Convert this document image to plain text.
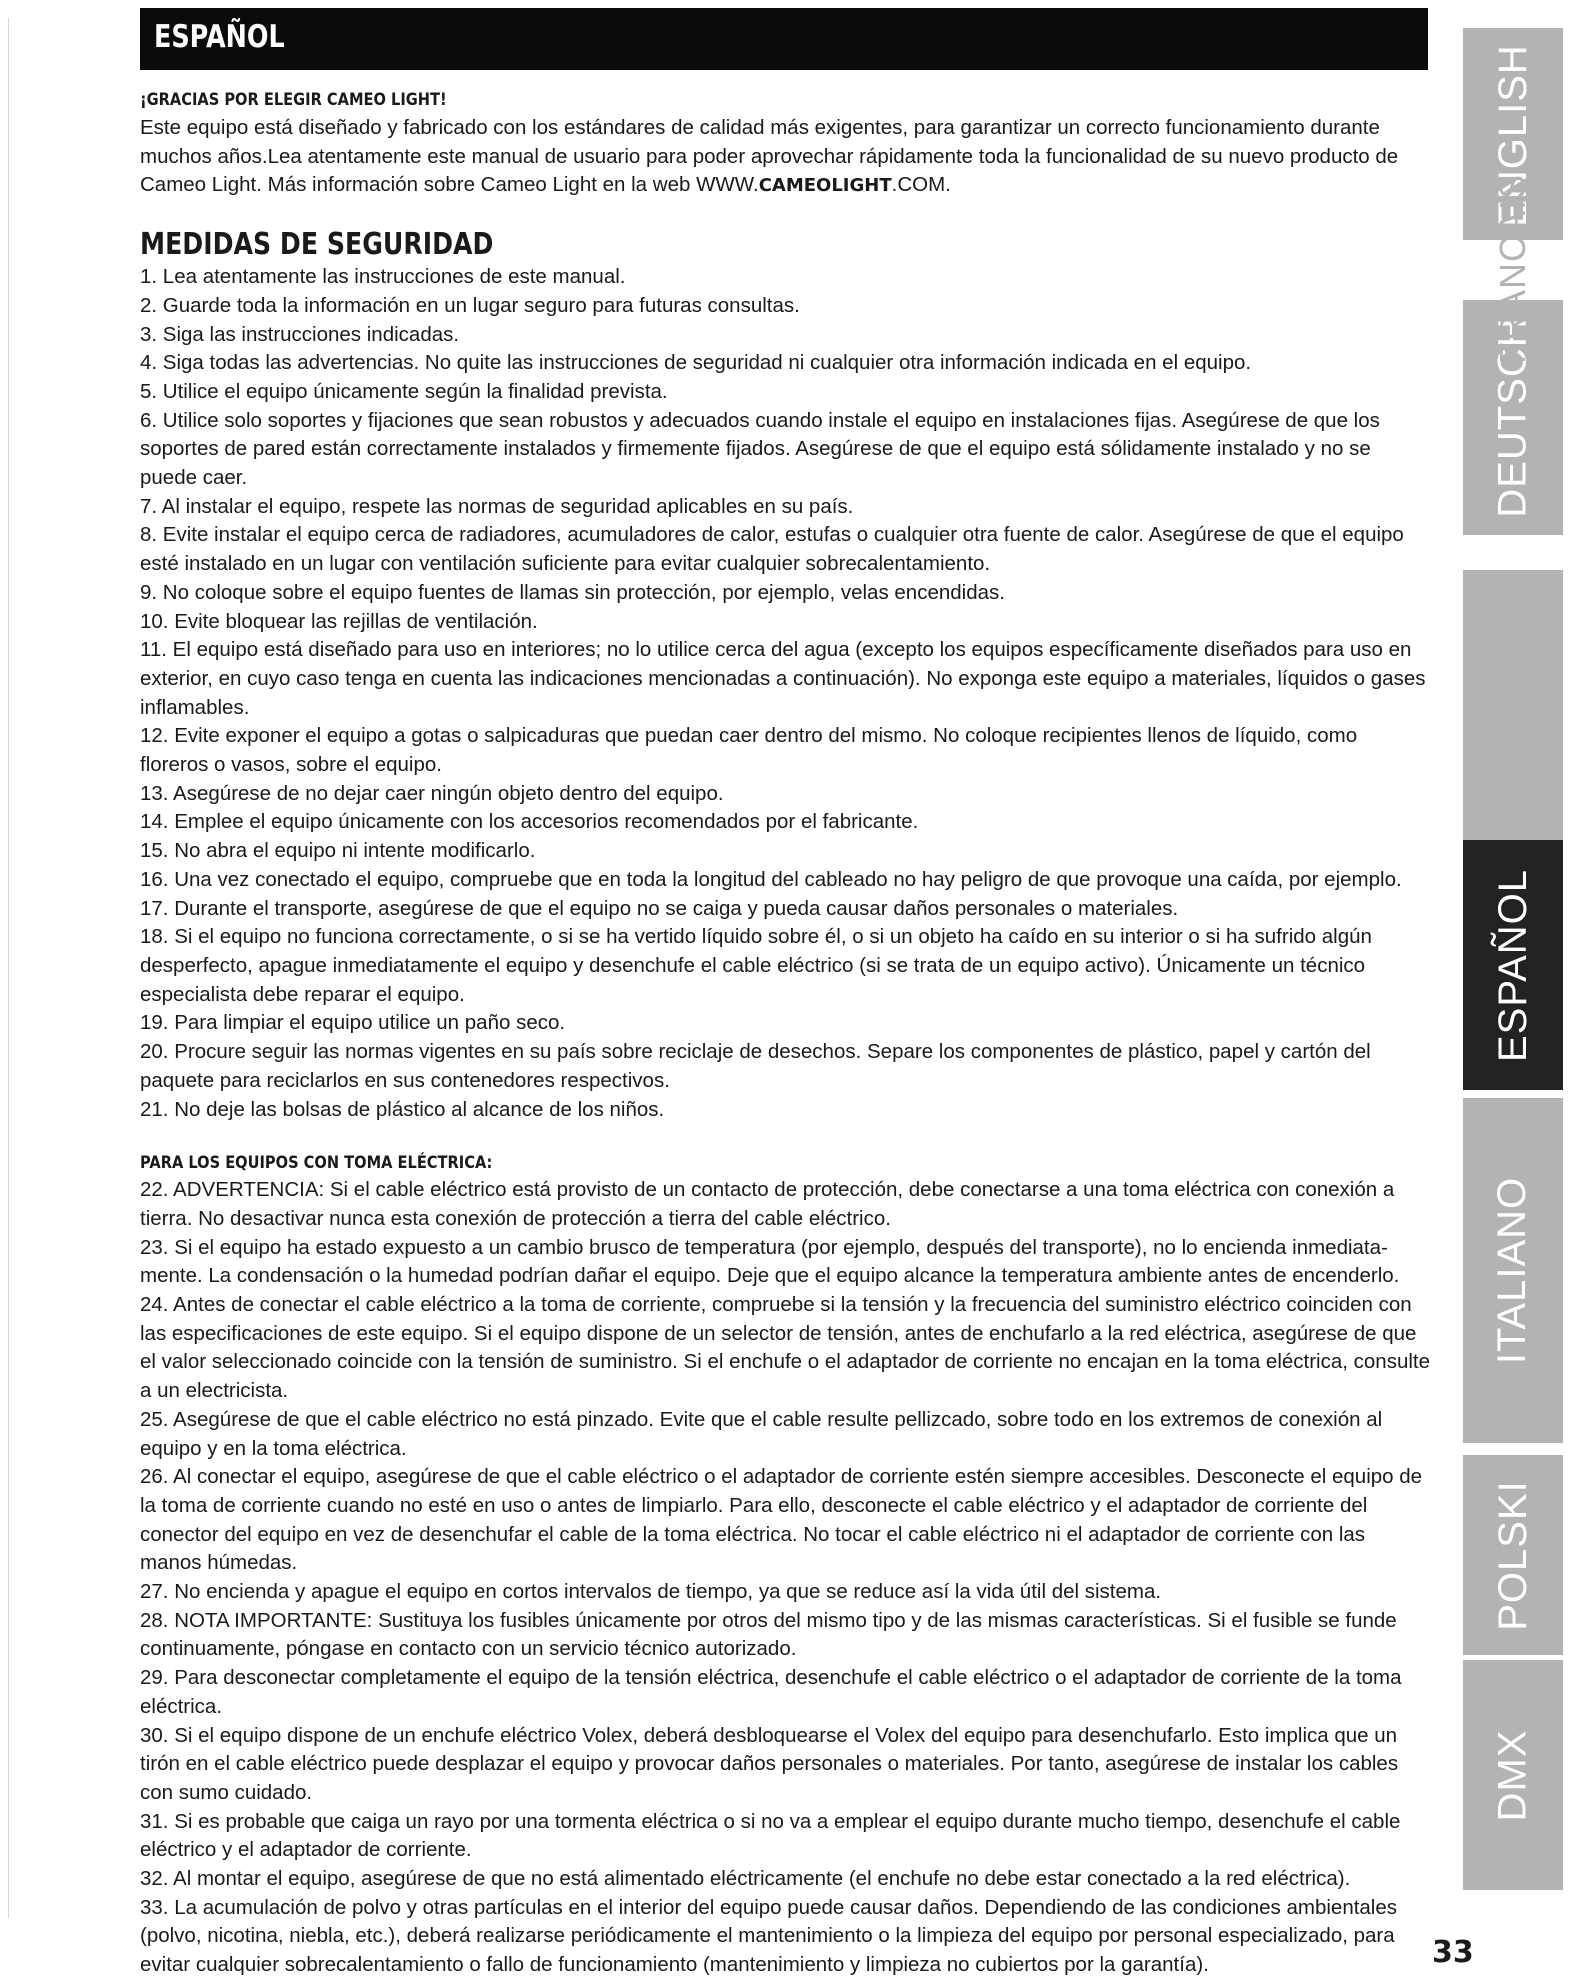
ESPAÑOL

¡GRACIAS POR ELEGIR CAMEO LIGHT!

Este equipo está diseñado y fabricado con los estándares de calidad más exigentes, para garantizar un correcto funcionamiento durante muchos años.Lea atentamente este manual de usuario para poder aprovechar rápidamente toda la funcionalidad de su nuevo producto de Cameo Light. Más información sobre Cameo Light en la web WWW.CAMEOLIGHT.COM.

MEDIDAS DE SEGURIDAD

1. Lea atentamente las instrucciones de este manual.

2. Guarde toda la información en un lugar seguro para futuras consultas.

3. Siga las instrucciones indicadas.

4. Siga todas las advertencias. No quite las instrucciones de seguridad ni cualquier otra información indicada en el equipo.

5. Utilice el equipo únicamente según la finalidad prevista.

6. Utilice solo soportes y fijaciones que sean robustos y adecuados cuando instale el equipo en instalaciones fijas. Asegúrese de que los soportes de pared están correctamente instalados y firmemente fijados. Asegúrese de que el equipo está sólidamente instalado y no se puede caer.

7. Al instalar el equipo, respete las normas de seguridad aplicables en su país.

8. Evite instalar el equipo cerca de radiadores, acumuladores de calor, estufas o cualquier otra fuente de calor. Asegúrese de que el equipo esté instalado en un lugar con ventilación suficiente para evitar cualquier sobrecalentamiento.

9. No coloque sobre el equipo fuentes de llamas sin protección, por ejemplo, velas encendidas.

10. Evite bloquear las rejillas de ventilación.

11. El equipo está diseñado para uso en interiores; no lo utilice cerca del agua (excepto los equipos específicamente diseñados para uso en exterior, en cuyo caso tenga en cuenta las indicaciones mencionadas a continuación). No exponga este equipo a materiales, líquidos o gases inflamables.

12. Evite exponer el equipo a gotas o salpicaduras que puedan caer dentro del mismo. No coloque recipientes llenos de líquido, como floreros o vasos, sobre el equipo.

13. Asegúrese de no dejar caer ningún objeto dentro del equipo.

14. Emplee el equipo únicamente con los accesorios recomendados por el fabricante.

15. No abra el equipo ni intente modificarlo.

16. Una vez conectado el equipo, compruebe que en toda la longitud del cableado no hay peligro de que provoque una caída, por ejemplo.

17. Durante el transporte, asegúrese de que el equipo no se caiga y pueda causar daños personales o materiales.

18. Si el equipo no funciona correctamente, o si se ha vertido líquido sobre él, o si un objeto ha caído en su interior o si ha sufrido algún desperfecto, apague inmediatamente el equipo y desenchufe el cable eléctrico (si se trata de un equipo activo). Únicamente un técnico especialista debe reparar el equipo.

19. Para limpiar el equipo utilice un paño seco.

20. Procure seguir las normas vigentes en su país sobre reciclaje de desechos. Separe los componentes de plástico, papel y cartón del paquete para reciclarlos en sus contenedores respectivos.

21. No deje las bolsas de plástico al alcance de los niños.

PARA LOS EQUIPOS CON TOMA ELÉCTRICA:

22. ADVERTENCIA: Si el cable eléctrico está provisto de un contacto de protección, debe conectarse a una toma eléctrica con conexión a tierra. No desactivar nunca esta conexión de protección a tierra del cable eléctrico.

23. Si el equipo ha estado expuesto a un cambio brusco de temperatura (por ejemplo, después del transporte), no lo encienda inmediata-mente. La condensación o la humedad podrían dañar el equipo. Deje que el equipo alcance la temperatura ambiente antes de encenderlo.

24. Antes de conectar el cable eléctrico a la toma de corriente, compruebe si la tensión y la frecuencia del suministro eléctrico coinciden con las especificaciones de este equipo. Si el equipo dispone de un selector de tensión, antes de enchufarlo a la red eléctrica, asegúrese de que el valor seleccionado coincide con la tensión de suministro. Si el enchufe o el adaptador de corriente no encajan en la toma eléctrica, consulte a un electricista.

25. Asegúrese de que el cable eléctrico no está pinzado. Evite que el cable resulte pellizcado, sobre todo en los extremos de conexión al equipo y en la toma eléctrica.

26. Al conectar el equipo, asegúrese de que el cable eléctrico o el adaptador de corriente estén siempre accesibles. Desconecte el equipo de la toma de corriente cuando no esté en uso o antes de limpiarlo. Para ello, desconecte el cable eléctrico y el adaptador de corriente del conector del equipo en vez de desenchufar el cable de la toma eléctrica. No tocar el cable eléctrico ni el adaptador de corriente con las manos húmedas.

27. No encienda y apague el equipo en cortos intervalos de tiempo, ya que se reduce así la vida útil del sistema.

28. NOTA IMPORTANTE: Sustituya los fusibles únicamente por otros del mismo tipo y de las mismas características. Si el fusible se funde continuamente, póngase en contacto con un servicio técnico autorizado.

29. Para desconectar completamente el equipo de la tensión eléctrica, desenchufe el cable eléctrico o el adaptador de corriente de la toma eléctrica.

30. Si el equipo dispone de un enchufe eléctrico Volex, deberá desbloquearse el Volex del equipo para desenchufarlo. Esto implica que un tirón en el cable eléctrico puede desplazar el equipo y provocar daños personales o materiales. Por tanto, asegúrese de instalar los cables con sumo cuidado.

31. Si es probable que caiga un rayo por una tormenta eléctrica o si no va a emplear el equipo durante mucho tiempo, desenchufe el cable eléctrico y el adaptador de corriente.

32. Al montar el equipo, asegúrese de que no está alimentado eléctricamente (el enchufe no debe estar conectado a la red eléctrica).

33. La acumulación de polvo y otras partículas en el interior del equipo puede causar daños. Dependiendo de las condiciones ambientales (polvo, nicotina, niebla, etc.), deberá realizarse periódicamente el mantenimiento o la limpieza del equipo por personal especializado, para evitar cualquier sobrecalentamiento o fallo de funcionamiento (mantenimiento y limpieza no cubiertos por la garantía).

ENGLISH
DEUTSCH
FRANCAIS
ESPAÑOL
ITALIANO
POLSKI
DMX
33
